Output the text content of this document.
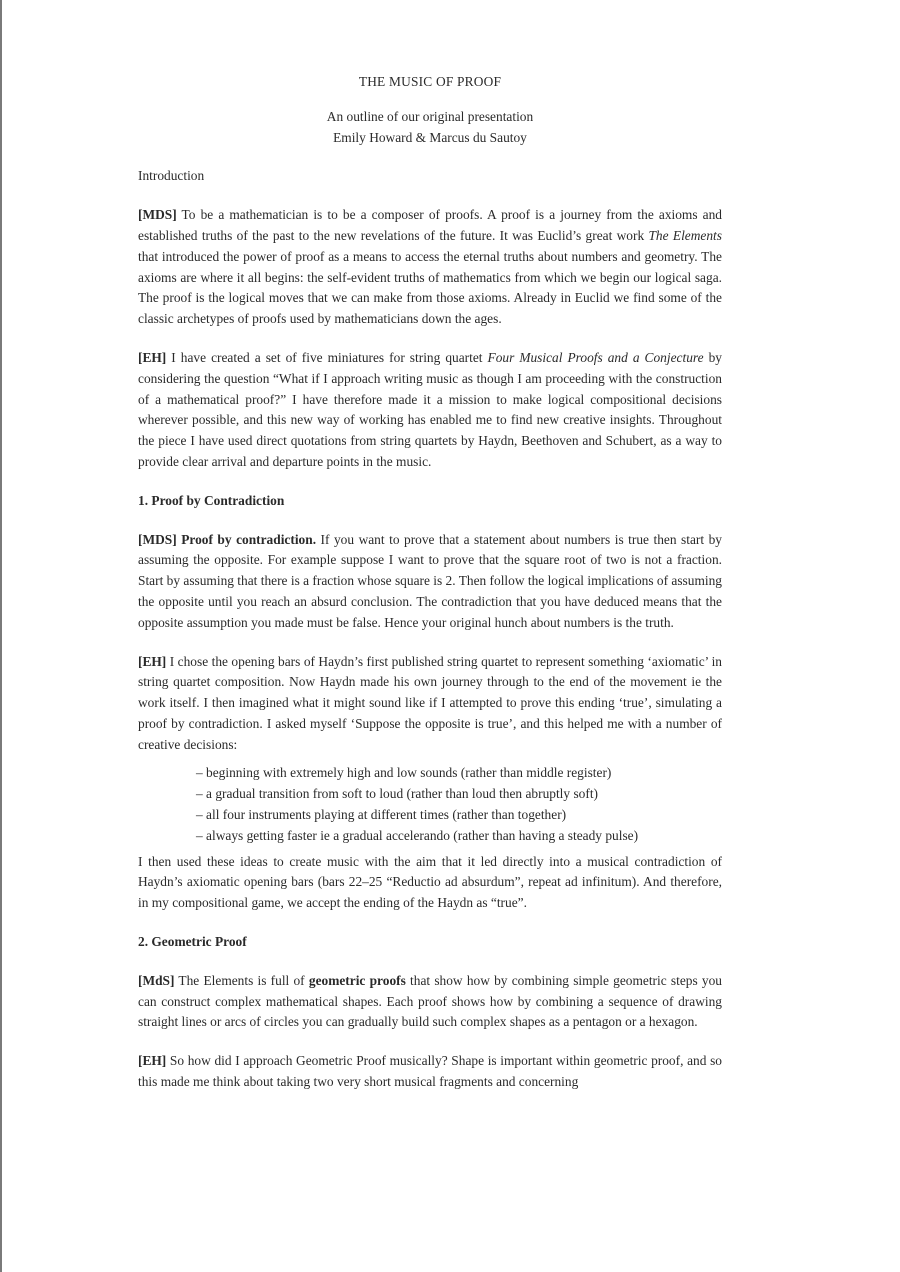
THE MUSIC OF PROOF
An outline of our original presentation
Emily Howard & Marcus du Sautoy
Introduction

[MDS] To be a mathematician is to be a composer of proofs. A proof is a journey from the axioms and established truths of the past to the new revelations of the future. It was Euclid’s great work The Elements that introduced the power of proof as a means to access the eternal truths about numbers and geometry. The axioms are where it all begins: the self-evident truths of mathematics from which we begin our logical saga. The proof is the logical moves that we can make from those axioms. Already in Euclid we find some of the classic archetypes of proofs used by mathematicians down the ages.

[EH] I have created a set of five miniatures for string quartet Four Musical Proofs and a Conjecture by considering the question “What if I approach writing music as though I am proceeding with the construction of a mathematical proof?” I have therefore made it a mission to make logical compositional decisions wherever possible, and this new way of working has enabled me to find new creative insights. Throughout the piece I have used direct quotations from string quartets by Haydn, Beethoven and Schubert, as a way to provide clear arrival and departure points in the music.

1. Proof by Contradiction

[MDS] Proof by contradiction. If you want to prove that a statement about numbers is true then start by assuming the opposite. For example suppose I want to prove that the square root of two is not a fraction. Start by assuming that there is a fraction whose square is 2. Then follow the logical implications of assuming the opposite until you reach an absurd conclusion. The contradiction that you have deduced means that the opposite assumption you made must be false. Hence your original hunch about numbers is the truth.

[EH] I chose the opening bars of Haydn’s first published string quartet to represent something ‘axiomatic’ in string quartet composition. Now Haydn made his own journey through to the end of the movement ie the work itself. I then imagined what it might sound like if I attempted to prove this ending ‘true’, simulating a proof by contradiction. I asked myself ‘Suppose the opposite is true’, and this helped me with a number of creative decisions:

– beginning with extremely high and low sounds (rather than middle register)
– a gradual transition from soft to loud (rather than loud then abruptly soft)
– all four instruments playing at different times (rather than together)
– always getting faster ie a gradual accelerando (rather than having a steady pulse)

I then used these ideas to create music with the aim that it led directly into a musical contradiction of Haydn’s axiomatic opening bars (bars 22–25 “Reductio ad absurdum”, repeat ad infinitum). And therefore, in my compositional game, we accept the ending of the Haydn as “true”.

2. Geometric Proof

[MdS] The Elements is full of geometric proofs that show how by combining simple geometric steps you can construct complex mathematical shapes. Each proof shows how by combining a sequence of drawing straight lines or arcs of circles you can gradually build such complex shapes as a pentagon or a hexagon.

[EH] So how did I approach Geometric Proof musically? Shape is important within geometric proof, and so this made me think about taking two very short musical fragments and concerning
